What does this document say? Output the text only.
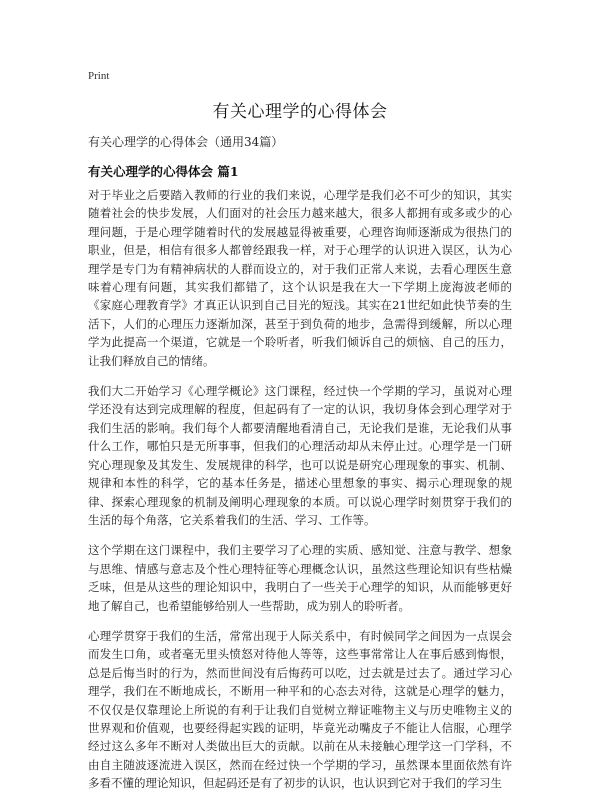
Print
有关心理学的心得体会
有关心理学的心得体会（通用34篇）
有关心理学的心得体会 篇1

对于毕业之后要踏入教师的行业的我们来说，心理学是我们必不可少的知识，其实随着社会的快步发展，人们面对的社会压力越来越大，很多人都拥有或多或少的心理问题，于是心理学随着时代的发展越显得被重要，心理咨询师逐渐成为很热门的职业，但是，相信有很多人都曾经跟我一样，对于心理学的认识进入误区，认为心理学是专门为有精神病状的人群而设立的，对于我们正常人来说，去看心理医生意味着心理有问题，其实我们都错了，这个认识是我在大一下学期上庞海波老师的《家庭心理教育学》才真正认识到自己目光的短浅。其实在21世纪如此快节奏的生活下，人们的心理压力逐渐加深，甚至于到负荷的地步，急需得到缓解，所以心理学为此提高一个渠道，它就是一个聆听者，听我们倾诉自己的烦恼、自己的压力，让我们释放自己的情绪。

我们大二开始学习《心理学概论》这门课程，经过快一个学期的学习，虽说对心理学还没有达到完成理解的程度，但起码有了一定的认识，我切身体会到心理学对于我们生活的影响。我们每个人都要清醒地看清自己，无论我们是谁，无论我们从事什么工作，哪怕只是无所事事，但我们的心理活动却从未停止过。心理学是一门研究心理现象及其发生、发展规律的科学，也可以说是研究心理现象的事实、机制、规律和本性的科学，它的基本任务是，描述心里想象的事实、揭示心理现象的规律、探索心理现象的机制及阐明心理现象的本质。可以说心理学时刻贯穿于我们的生活的每个角落，它关系着我们的生活、学习、工作等。

这个学期在这门课程中，我们主要学习了心理的实质、感知觉、注意与教学、想象与思维、情感与意志及个性心理特征等心理概念认识，虽然这些理论知识有些枯燥乏味，但是从这些的理论知识中，我明白了一些关于心理学的知识，从而能够更好地了解自己，也希望能够给别人一些帮助，成为别人的聆听者。

心理学贯穿于我们的生活，常常出现于人际关系中，有时候同学之间因为一点误会而发生口角，或者毫无里头愤怒对待他人等等，这些事常常让人在事后感到悔恨，总是后悔当时的行为，然而世间没有后悔药可以吃，过去就是过去了。通过学习心理学，我们在不断地成长，不断用一种平和的心态去对待，这就是心理学的魅力，不仅仅是仅靠理论上所说的有利于让我们自觉树立辩证唯物主义与历史唯物主义的世界观和价值观，也要经得起实践的证明，毕竟光动嘴皮子不能让人信服，心理学经过这么多年不断对人类做出巨大的贡献。以前在从未接触心理学这一门学科，不由自主随波逐流进入误区，然而在经过快一个学期的学习，虽然课本里面依然有许多看不懂的理论知识，但起码还是有了初步的认识，也认识到它对于我们的学习生
